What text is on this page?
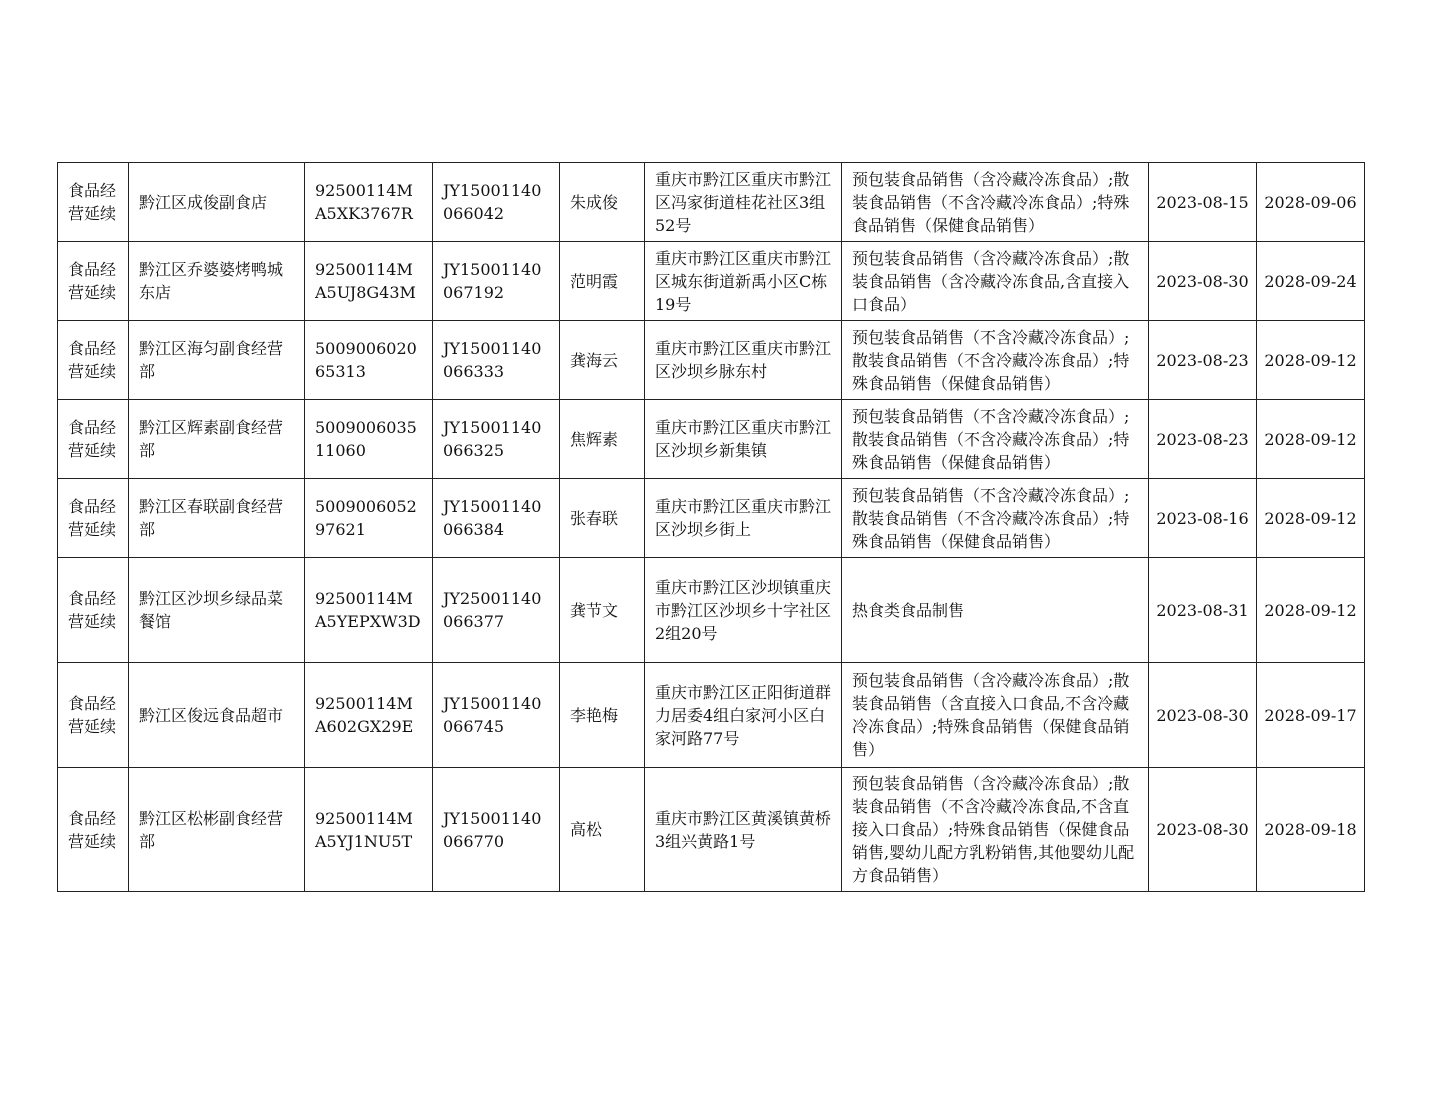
食品经营延续	黔江区成俊副食店	92500114MA5XK3767R	JY15001140066042	朱成俊	重庆市黔江区重庆市黔江区冯家街道桂花社区3组52号	预包装食品销售（含冷藏冷冻食品）;散装食品销售（不含冷藏冷冻食品）;特殊食品销售（保健食品销售）	2023-08-15	2028-09-06
食品经营延续	黔江区乔婆婆烤鸭城东店	92500114MA5UJ8G43M	JY15001140067192	范明霞	重庆市黔江区重庆市黔江区城东街道新禹小区C栋19号	预包装食品销售（含冷藏冷冻食品）;散装食品销售（含冷藏冷冻食品,含直接入口食品）	2023-08-30	2028-09-24
食品经营延续	黔江区海匀副食经营部	500900602065313	JY15001140066333	龚海云	重庆市黔江区重庆市黔江区沙坝乡脉东村	预包装食品销售（不含冷藏冷冻食品）;散装食品销售（不含冷藏冷冻食品）;特殊食品销售（保健食品销售）	2023-08-23	2028-09-12
食品经营延续	黔江区辉素副食经营部	500900603511060	JY15001140066325	焦辉素	重庆市黔江区重庆市黔江区沙坝乡新集镇	预包装食品销售（不含冷藏冷冻食品）;散装食品销售（不含冷藏冷冻食品）;特殊食品销售（保健食品销售）	2023-08-23	2028-09-12
食品经营延续	黔江区春联副食经营部	500900605297621	JY15001140066384	张春联	重庆市黔江区重庆市黔江区沙坝乡街上	预包装食品销售（不含冷藏冷冻食品）;散装食品销售（不含冷藏冷冻食品）;特殊食品销售（保健食品销售）	2023-08-16	2028-09-12
食品经营延续	黔江区沙坝乡绿品菜餐馆	92500114MA5YEPXW3D	JY25001140066377	龚节文	重庆市黔江区沙坝镇重庆市黔江区沙坝乡十字社区2组20号	热食类食品制售	2023-08-31	2028-09-12
食品经营延续	黔江区俊远食品超市	92500114MA602GX29E	JY15001140066745	李艳梅	重庆市黔江区正阳街道群力居委4组白家河小区白家河路77号	预包装食品销售（含冷藏冷冻食品）;散装食品销售（含直接入口食品,不含冷藏冷冻食品）;特殊食品销售（保健食品销售）	2023-08-30	2028-09-17
食品经营延续	黔江区松彬副食经营部	92500114MA5YJ1NU5T	JY15001140066770	高松	重庆市黔江区黄溪镇黄桥3组兴黄路1号	预包装食品销售（含冷藏冷冻食品）;散装食品销售（不含冷藏冷冻食品,不含直接入口食品）;特殊食品销售（保健食品销售,婴幼儿配方乳粉销售,其他婴幼儿配方食品销售）	2023-08-30	2028-09-18
